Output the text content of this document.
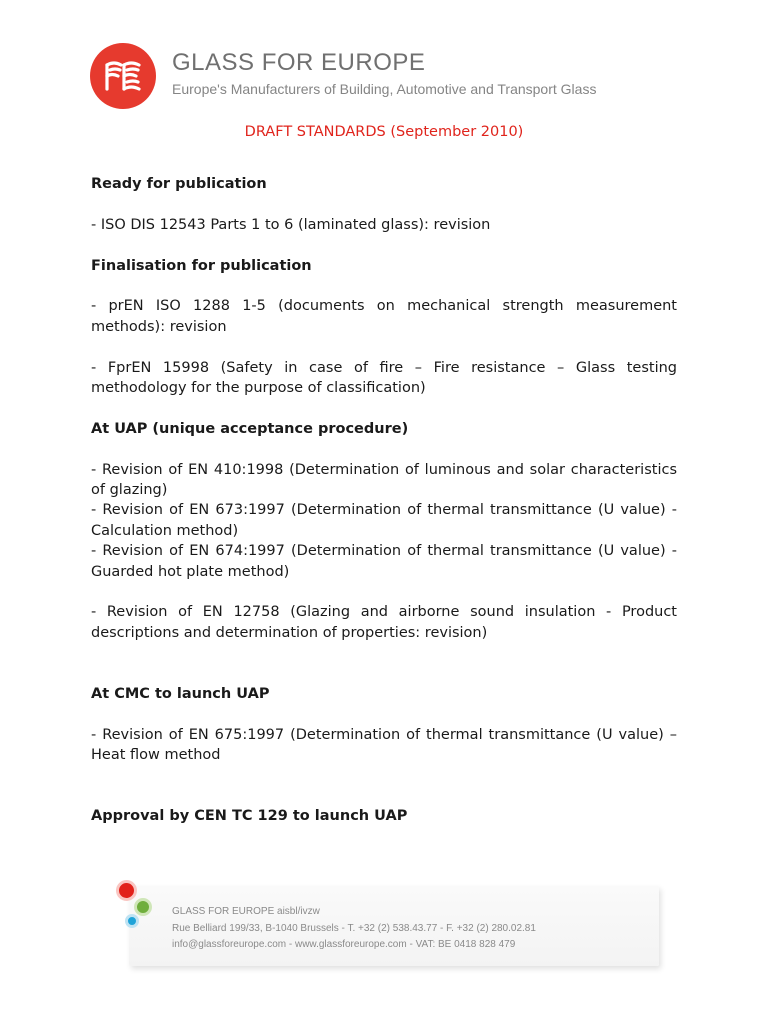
GLASS FOR EUROPE
Europe's Manufacturers of Building, Automotive and Transport Glass
DRAFT STANDARDS (September 2010)
Ready for publication

- ISO DIS 12543 Parts 1 to 6 (laminated glass): revision

Finalisation for publication

- prEN ISO 1288 1-5 (documents on mechanical strength measurement methods): revision

- FprEN 15998 (Safety in case of fire – Fire resistance – Glass testing methodology for the purpose of classification)

At UAP (unique acceptance procedure)

- Revision of EN 410:1998 (Determination of luminous and solar characteristics of glazing)

- Revision of EN 673:1997 (Determination of thermal transmittance (U value) - Calculation method)

- Revision of EN 674:1997 (Determination of thermal transmittance (U value) - Guarded hot plate method)

- Revision of EN 12758 (Glazing and airborne sound insulation - Product descriptions and determination of properties: revision)

At CMC to launch UAP

- Revision of EN 675:1997 (Determination of thermal transmittance (U value) – Heat flow method

Approval by CEN TC 129 to launch UAP
GLASS FOR EUROPE aisbl/ivzw
Rue Belliard 199/33, B-1040 Brussels - T. +32 (2) 538.43.77 - F. +32 (2) 280.02.81
info@glassforeurope.com - www.glassforeurope.com - VAT: BE 0418 828 479
